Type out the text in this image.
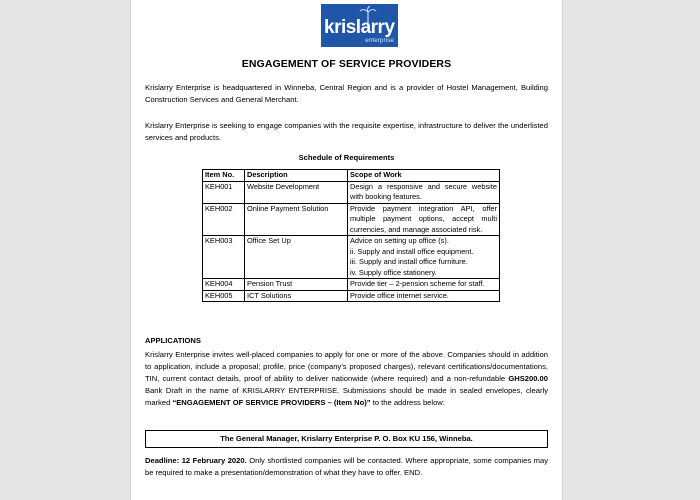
krislarry
enterprise
ENGAGEMENT OF SERVICE PROVIDERS
Krislarry Enterprise is headquartered in Winneba, Central Region and is a provider of Hostel Management, Building Construction Services and General Merchant.
Krislarry Enterprise is seeking to engage companies with the requisite expertise, infrastructure to deliver the underlisted services and products.
Schedule of Requirements
Item No.	Description	Scope of Work
KEH001	Website Development	Design a responsive and secure website with booking features.

KEH002	Online Payment Solution	Provide payment integration API, offer multiple payment options, accept multi currencies, and manage associated risk.

KEH003	Office Set Up	Advice on setting up office (s).
ii. Supply and install office equipment.
iii. Supply and install office furniture.
iv. Supply office stationery.

KEH004	Pension Trust	Provide tier – 2-pension scheme for staff.

KEH005	ICT Solutions	Provide office internet service.
APPLICATIONS
Krislarry Enterprise invites well-placed companies to apply for one or more of the above. Companies should in addition to application, include a proposal; profile, price (company’s proposed charges), relevant certifications/documentations, TIN, current contact details, proof of ability to deliver nationwide (where required) and a non-refundable GHS200.00 Bank Draft in the name of KRISLARRY ENTERPRISE. Submissions should be made in sealed envelopes, clearly marked “ENGAGEMENT OF SERVICE PROVIDERS – (Item No)” to the address below:
The General Manager, Krislarry Enterprise P. O. Box KU 156, Winneba.
Deadline: 12 February 2020. Only shortlisted companies will be contacted. Where appropriate, some companies may be required to make a presentation/demonstration of what they have to offer. END.
